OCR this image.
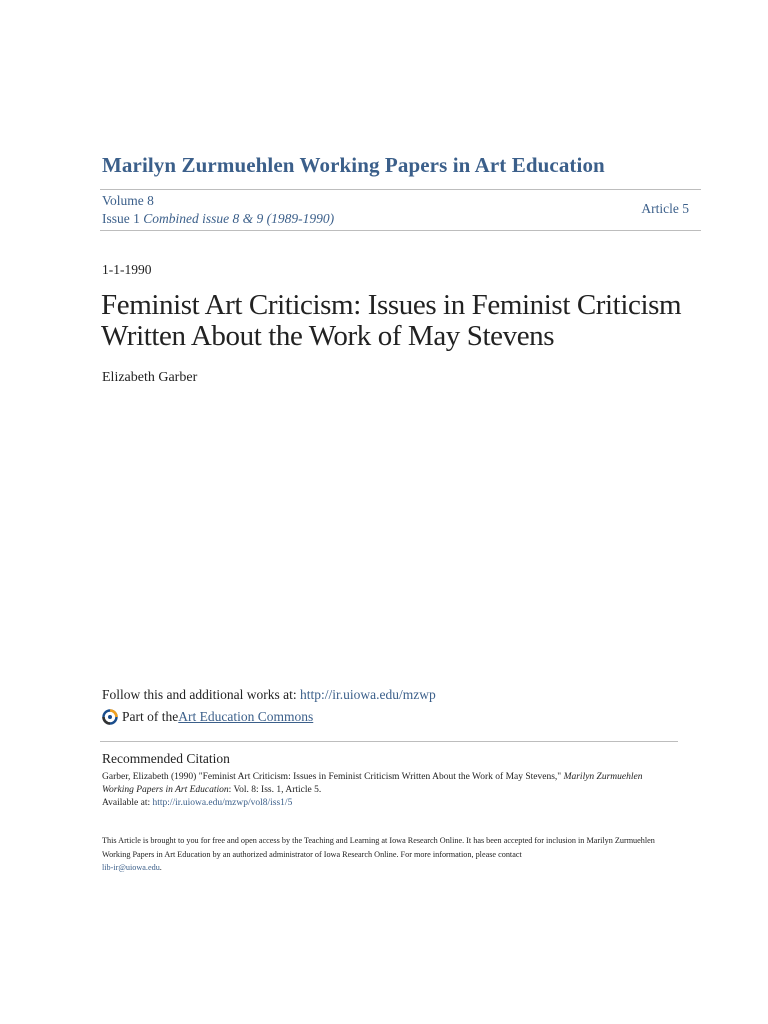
Marilyn Zurmuehlen Working Papers in Art Education
Volume 8
Issue 1 Combined issue 8 & 9 (1989-1990)
Article 5
1-1-1990
Feminist Art Criticism: Issues in Feminist Criticism Written About the Work of May Stevens
Elizabeth Garber
Follow this and additional works at: http://ir.uiowa.edu/mzwp
Part of the Art Education Commons
Recommended Citation
Garber, Elizabeth (1990) "Feminist Art Criticism: Issues in Feminist Criticism Written About the Work of May Stevens," Marilyn Zurmuehlen Working Papers in Art Education: Vol. 8: Iss. 1, Article 5.
Available at: http://ir.uiowa.edu/mzwp/vol8/iss1/5
This Article is brought to you for free and open access by the Teaching and Learning at Iowa Research Online. It has been accepted for inclusion in Marilyn Zurmuehlen Working Papers in Art Education by an authorized administrator of Iowa Research Online. For more information, please contact
lib-ir@uiowa.edu.
